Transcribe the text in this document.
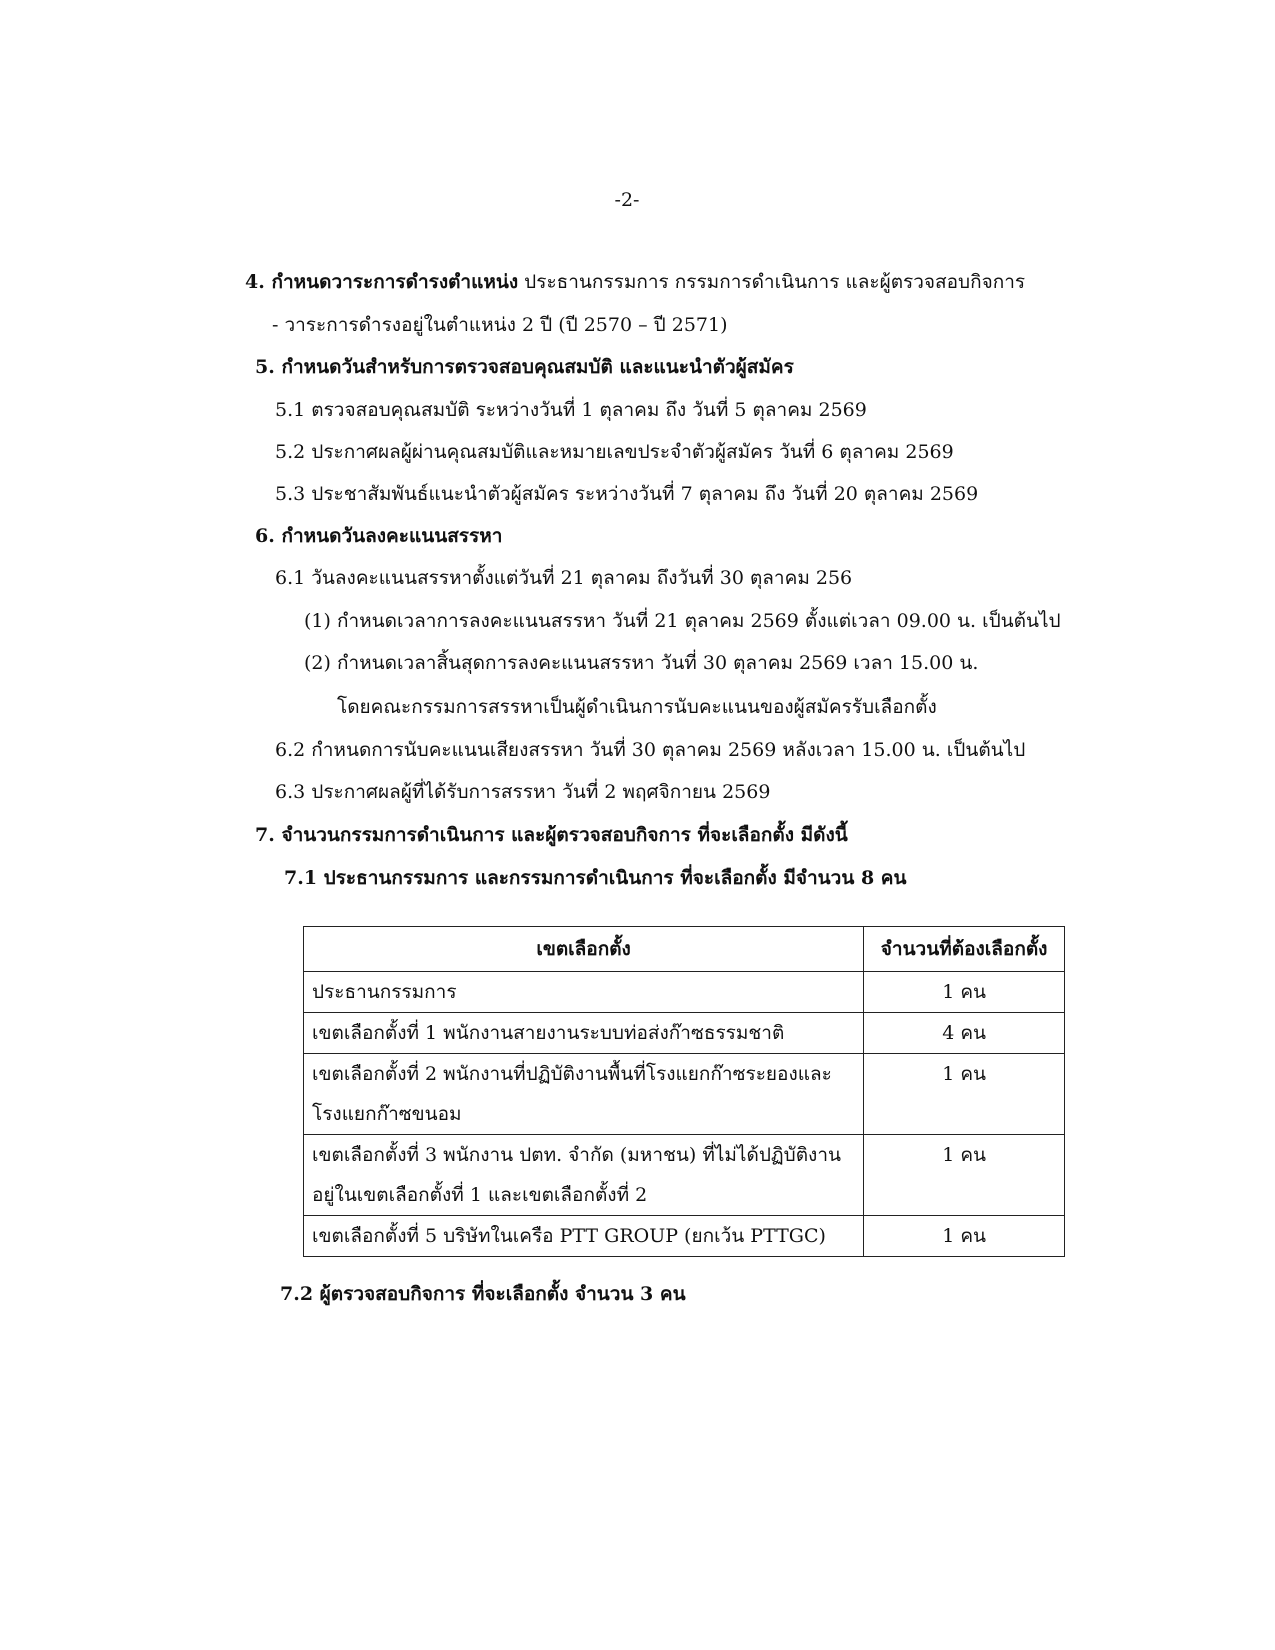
-2-
4. กำหนดวาระการดำรงตำแหน่ง ประธานกรรมการ กรรมการดำเนินการ และผู้ตรวจสอบกิจการ
- วาระการดำรงอยู่ในตำแหน่ง 2 ปี (ปี 2570 – ปี 2571)
5. กำหนดวันสำหรับการตรวจสอบคุณสมบัติ และแนะนำตัวผู้สมัคร
5.1 ตรวจสอบคุณสมบัติ ระหว่างวันที่ 1 ตุลาคม ถึง วันที่ 5 ตุลาคม 2569
5.2 ประกาศผลผู้ผ่านคุณสมบัติและหมายเลขประจำตัวผู้สมัคร วันที่ 6 ตุลาคม 2569
5.3 ประชาสัมพันธ์แนะนำตัวผู้สมัคร ระหว่างวันที่ 7 ตุลาคม ถึง วันที่ 20 ตุลาคม 2569
6. กำหนดวันลงคะแนนสรรหา
6.1 วันลงคะแนนสรรหาตั้งแต่วันที่ 21 ตุลาคม ถึงวันที่ 30 ตุลาคม 256
(1) กำหนดเวลาการลงคะแนนสรรหา วันที่ 21 ตุลาคม 2569 ตั้งแต่เวลา 09.00 น. เป็นต้นไป
(2) กำหนดเวลาสิ้นสุดการลงคะแนนสรรหา วันที่ 30 ตุลาคม 2569 เวลา 15.00 น.
โดยคณะกรรมการสรรหาเป็นผู้ดำเนินการนับคะแนนของผู้สมัครรับเลือกตั้ง
6.2 กำหนดการนับคะแนนเสียงสรรหา วันที่ 30 ตุลาคม 2569 หลังเวลา 15.00 น. เป็นต้นไป
6.3 ประกาศผลผู้ที่ได้รับการสรรหา วันที่ 2 พฤศจิกายน 2569
7. จำนวนกรรมการดำเนินการ และผู้ตรวจสอบกิจการ ที่จะเลือกตั้ง มีดังนี้
7.1 ประธานกรรมการ และกรรมการดำเนินการ ที่จะเลือกตั้ง มีจำนวน 8 คน
เขตเลือกตั้ง	จำนวนที่ต้องเลือกตั้ง
ประธานกรรมการ	1 คน
เขตเลือกตั้งที่ 1 พนักงานสายงานระบบท่อส่งก๊าซธรรมชาติ	4 คน
เขตเลือกตั้งที่ 2 พนักงานที่ปฏิบัติงานพื้นที่โรงแยกก๊าซระยองและโรงแยกก๊าซขนอม	1 คน
เขตเลือกตั้งที่ 3 พนักงาน ปตท. จำกัด (มหาชน) ที่ไม่ได้ปฏิบัติงานอยู่ในเขตเลือกตั้งที่ 1 และเขตเลือกตั้งที่ 2	1 คน
เขตเลือกตั้งที่ 5 บริษัทในเครือ PTT GROUP (ยกเว้น PTTGC)	1 คน
7.2 ผู้ตรวจสอบกิจการ ที่จะเลือกตั้ง จำนวน 3 คน
